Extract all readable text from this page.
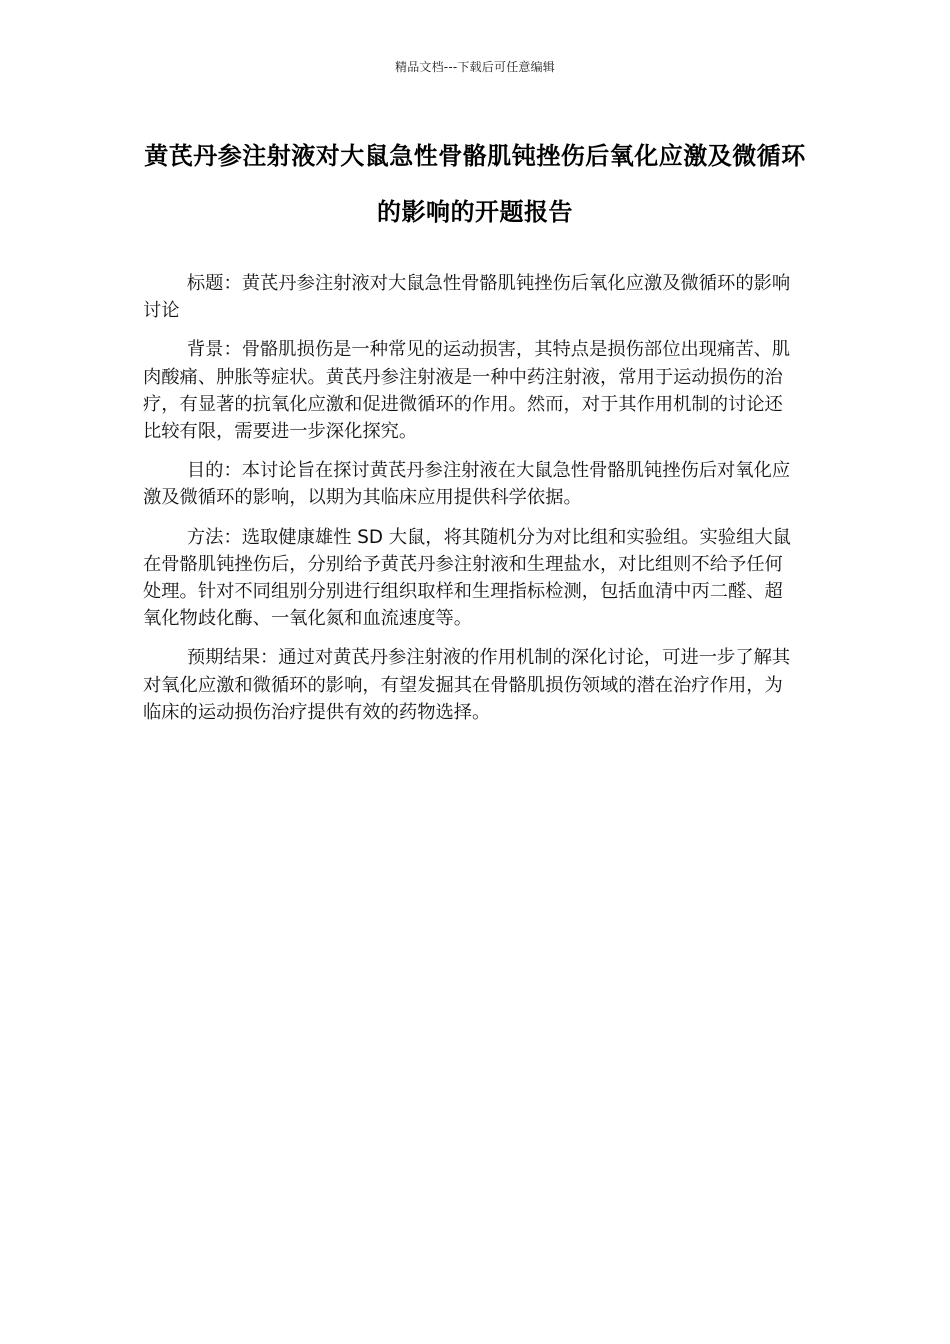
精品文档---下载后可任意编辑
黄芪丹参注射液对大鼠急性骨骼肌钝挫伤后氧化应激及微循环的影响的开题报告

标题：黄芪丹参注射液对大鼠急性骨骼肌钝挫伤后氧化应激及微循环的影响讨论

背景：骨骼肌损伤是一种常见的运动损害，其特点是损伤部位出现痛苦、肌肉酸痛、肿胀等症状。黄芪丹参注射液是一种中药注射液，常用于运动损伤的治疗，有显著的抗氧化应激和促进微循环的作用。然而，对于其作用机制的讨论还比较有限，需要进一步深化探究。

目的：本讨论旨在探讨黄芪丹参注射液在大鼠急性骨骼肌钝挫伤后对氧化应激及微循环的影响，以期为其临床应用提供科学依据。

方法：选取健康雄性 SD 大鼠，将其随机分为对比组和实验组。实验组大鼠在骨骼肌钝挫伤后，分别给予黄芪丹参注射液和生理盐水，对比组则不给予任何处理。针对不同组别分别进行组织取样和生理指标检测，包括血清中丙二醛、超氧化物歧化酶、一氧化氮和血流速度等。

预期结果：通过对黄芪丹参注射液的作用机制的深化讨论，可进一步了解其对氧化应激和微循环的影响，有望发掘其在骨骼肌损伤领域的潜在治疗作用，为临床的运动损伤治疗提供有效的药物选择。
